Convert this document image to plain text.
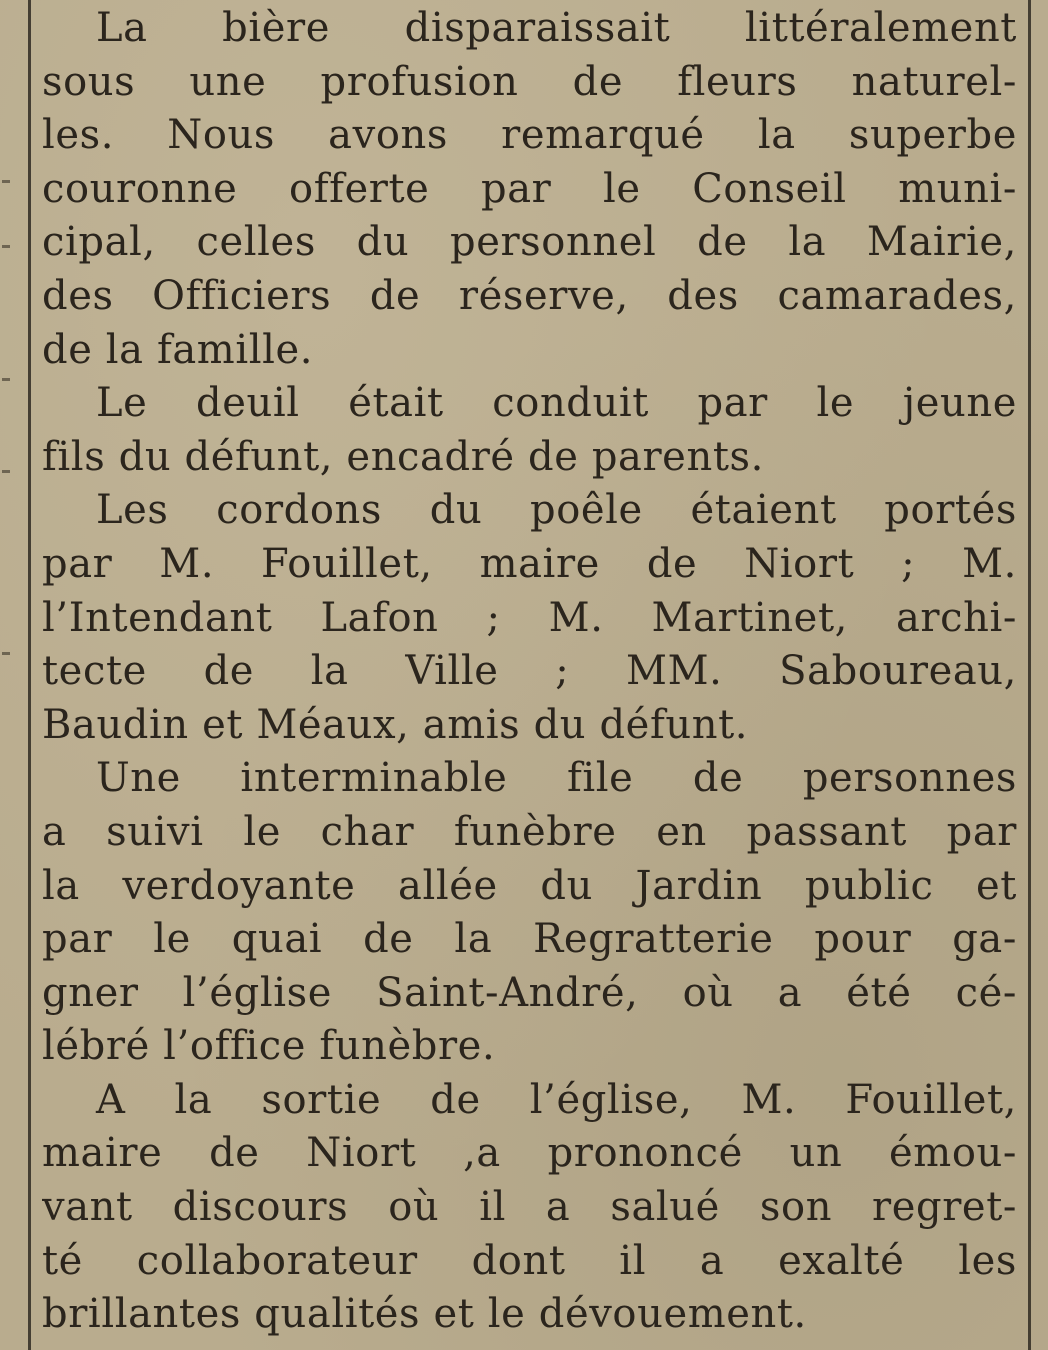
La bière disparaissait littéralement
sous une profusion de fleurs naturel-
les. Nous avons remarqué la superbe
couronne offerte par le Conseil muni-
cipal, celles du personnel de la Mairie,
des Officiers de réserve, des camarades,
de la famille.
Le deuil était conduit par le jeune
fils du défunt, encadré de parents.
Les cordons du poêle étaient portés
par M. Fouillet, maire de Niort ; M.
l’Intendant Lafon ; M. Martinet, archi-
tecte de la Ville ; MM. Saboureau,
Baudin et Méaux, amis du défunt.
Une interminable file de personnes
a suivi le char funèbre en passant par
la verdoyante allée du Jardin public et
par le quai de la Regratterie pour ga-
gner l’église Saint-André, où a été cé-
lébré l’office funèbre.
A la sortie de l’église, M. Fouillet,
maire de Niort ,a prononcé un émou-
vant discours où il a salué son regret-
té collaborateur dont il a exalté les
brillantes qualités et le dévouement.
